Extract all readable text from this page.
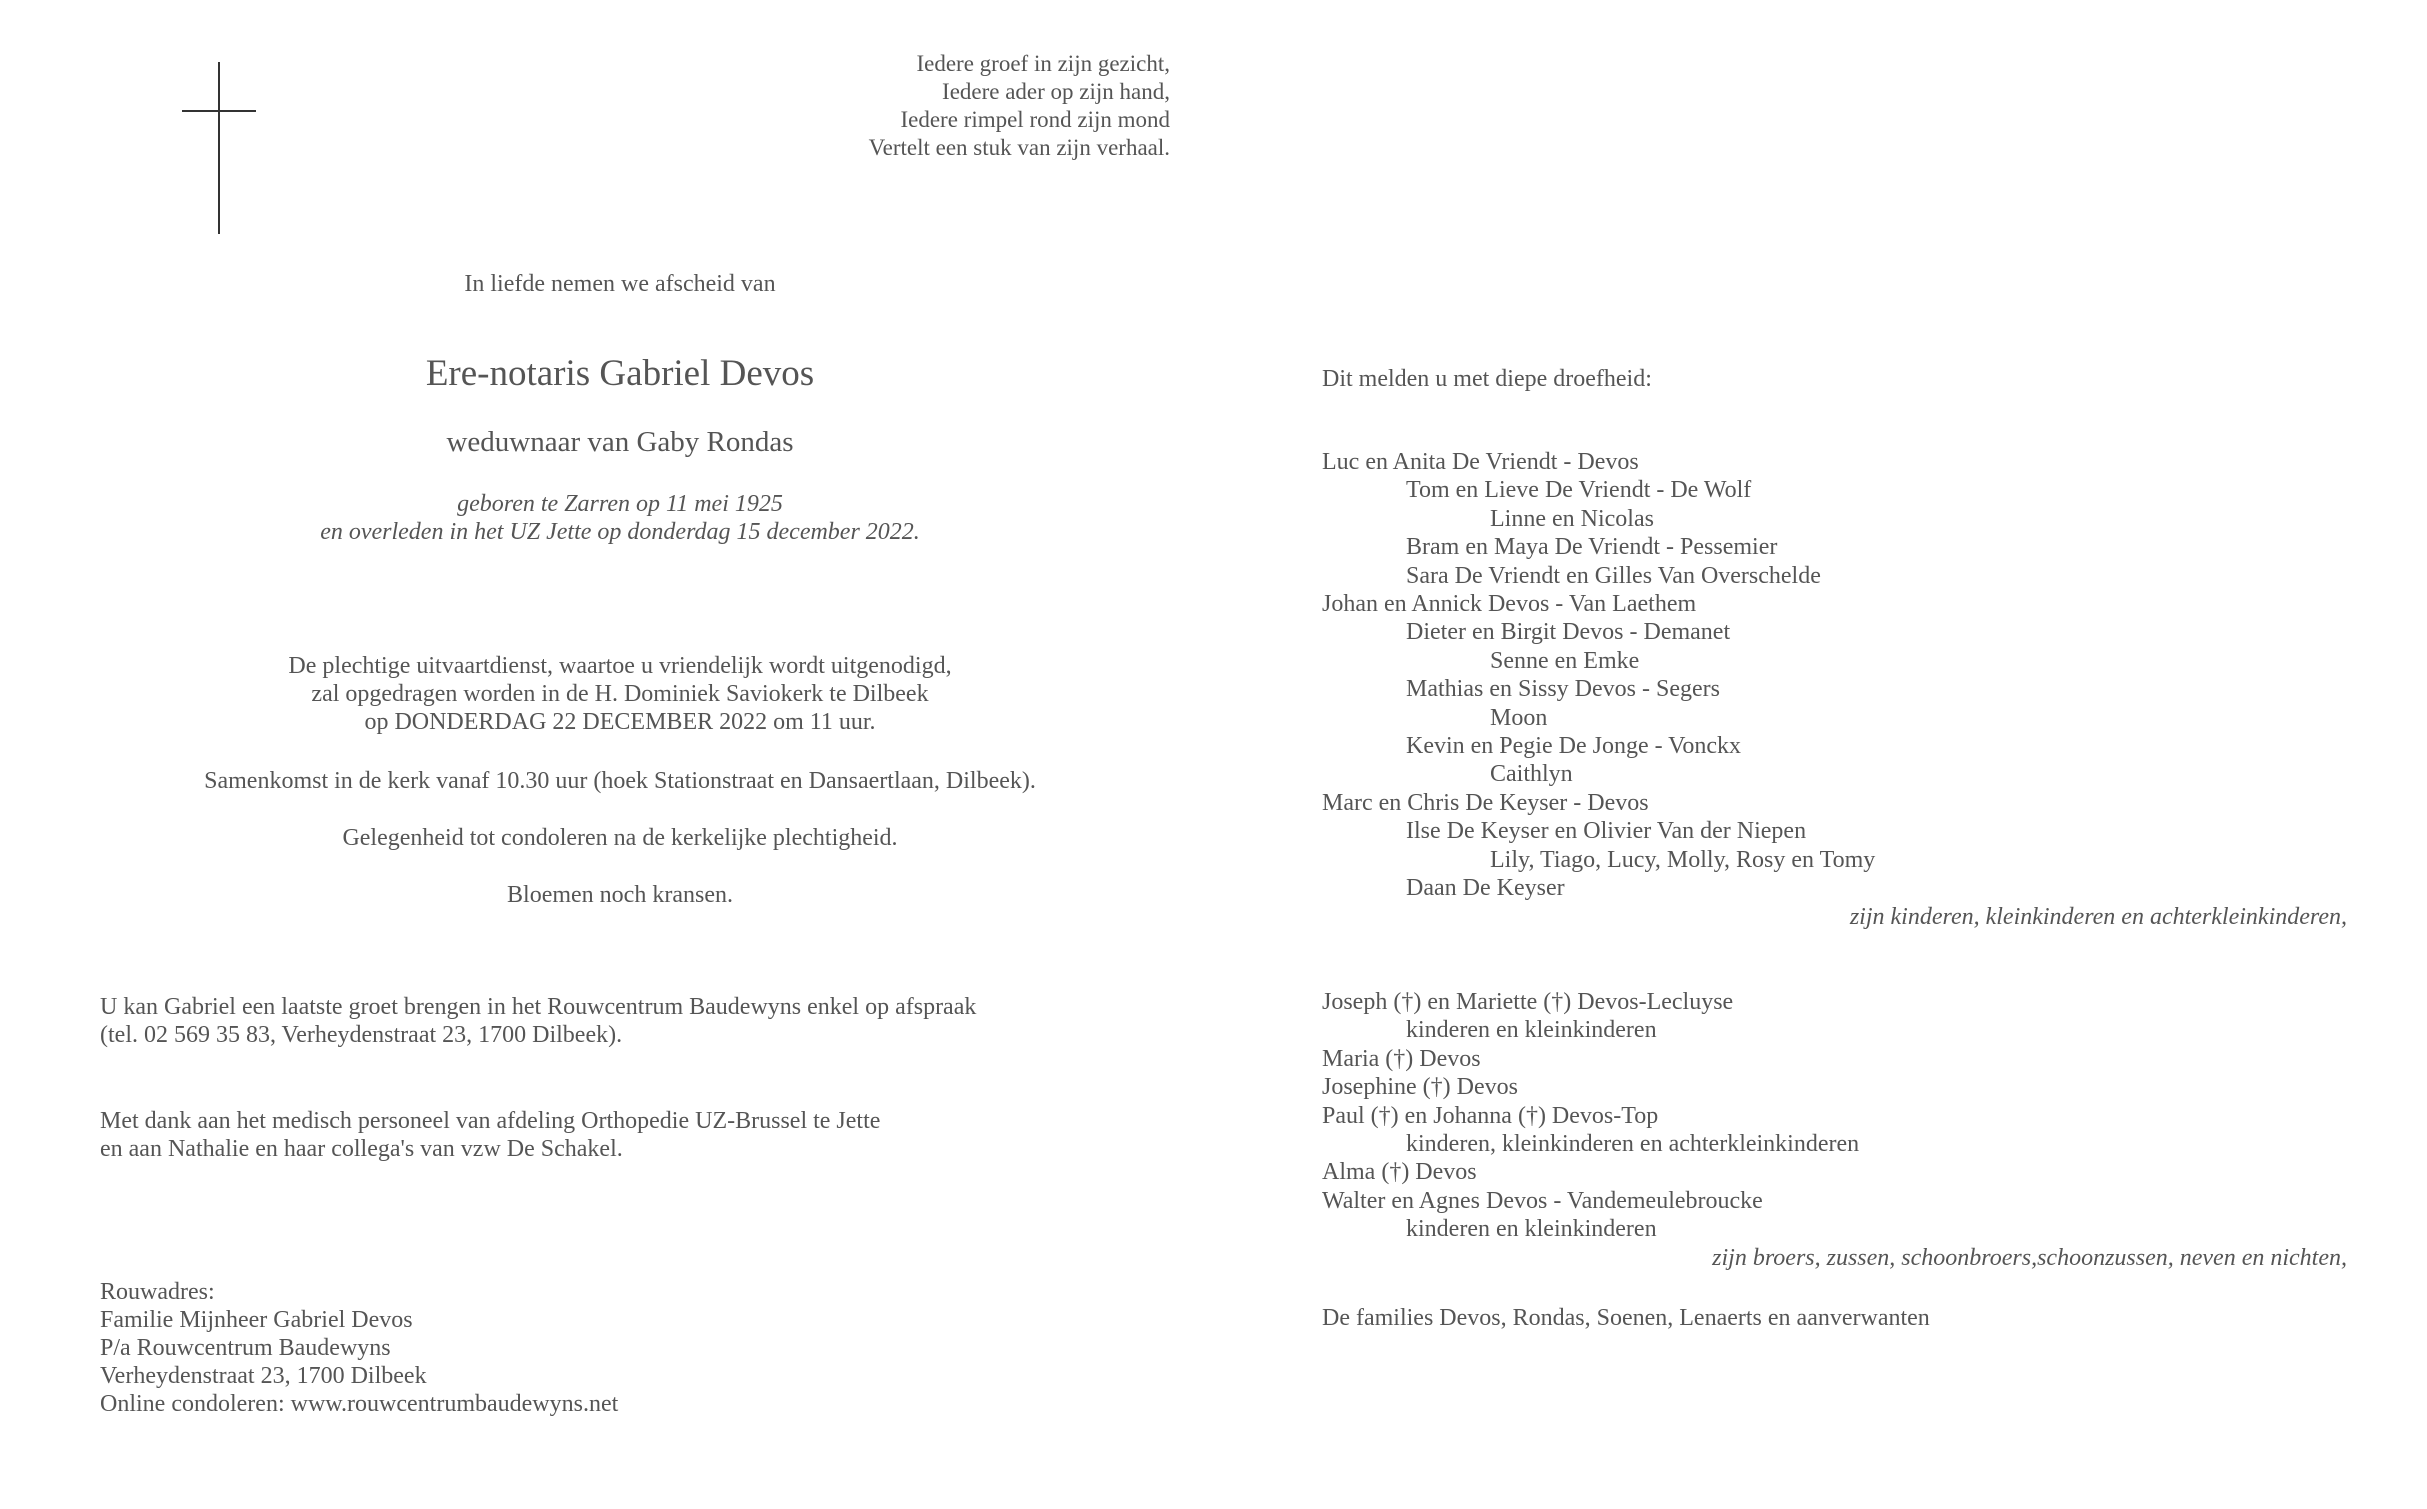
Iedere groef in zijn gezicht,
Iedere ader op zijn hand,
Iedere rimpel rond zijn mond
Vertelt een stuk van zijn verhaal.
In liefde nemen we afscheid van
Ere-notaris Gabriel Devos
weduwnaar van Gaby Rondas
geboren te Zarren op 11 mei 1925
en overleden in het UZ Jette op donderdag 15 december 2022.
De plechtige uitvaartdienst, waartoe u vriendelijk wordt uitgenodigd,
zal opgedragen worden in de H. Dominiek Saviokerk te Dilbeek
op DONDERDAG 22 DECEMBER 2022 om 11 uur.
Samenkomst in de kerk vanaf 10.30 uur (hoek Stationstraat en Dansaertlaan, Dilbeek).
Gelegenheid tot condoleren na de kerkelijke plechtigheid.
Bloemen noch kransen.
U kan Gabriel een laatste groet brengen in het Rouwcentrum Baudewyns enkel op afspraak
(tel. 02 569 35 83, Verheydenstraat 23, 1700 Dilbeek).
Met dank aan het medisch personeel van afdeling Orthopedie UZ-Brussel te Jette
en aan Nathalie en haar collega's van vzw De Schakel.
Rouwadres:
Familie Mijnheer Gabriel Devos
P/a Rouwcentrum Baudewyns
Verheydenstraat 23, 1700 Dilbeek
Online condoleren: www.rouwcentrumbaudewyns.net
Dit melden u met diepe droefheid:
Luc en Anita De Vriendt - Devos
Tom en Lieve De Vriendt - De Wolf
Linne en Nicolas
Bram en Maya De Vriendt - Pessemier
Sara De Vriendt en Gilles Van Overschelde
Johan en Annick Devos - Van Laethem
Dieter en Birgit Devos - Demanet
Senne en Emke
Mathias en Sissy Devos - Segers
Moon
Kevin en Pegie De Jonge - Vonckx
Caithlyn
Marc en Chris De Keyser - Devos
Ilse De Keyser en Olivier Van der Niepen
Lily, Tiago, Lucy, Molly, Rosy en Tomy
Daan De Keyser
zijn kinderen, kleinkinderen en achterkleinkinderen,
Joseph (†) en Mariette (†) Devos-Lecluyse
kinderen en kleinkinderen
Maria (†) Devos
Josephine (†) Devos
Paul (†) en Johanna (†) Devos-Top
kinderen, kleinkinderen en achterkleinkinderen
Alma (†) Devos
Walter en Agnes Devos - Vandemeulebroucke
kinderen en kleinkinderen
zijn broers, zussen, schoonbroers,schoonzussen, neven en nichten,
De families Devos, Rondas, Soenen, Lenaerts en aanverwanten
